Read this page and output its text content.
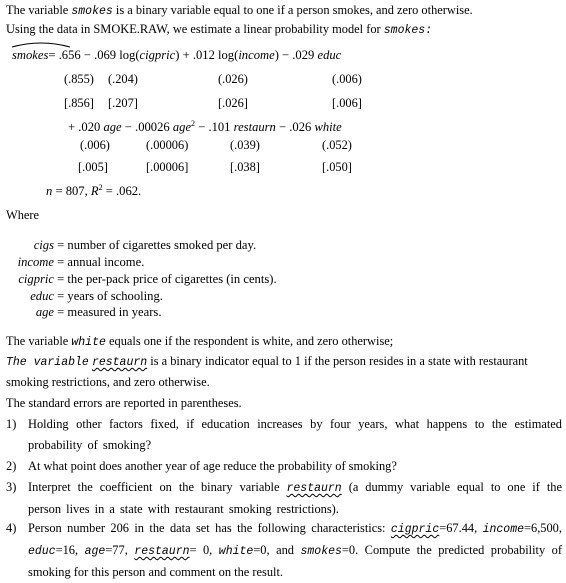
The variable smokes is a binary variable equal to one if a person smokes, and zero otherwise.
Using the data in SMOKE.RAW, we estimate a linear probability model for smokes:
smokes= .656 − .069 log(cigpric) + .012 log(income) − .029 educ
(.855) (.204)	(.026)	(.006)
[.856] [.207]	[.026]	[.006]
+ .020 age − .00026 age$^2$ − .101 restaurn − .026 white
(.006)	(.00006)	(.039)	(.052)
[.005]	[.00006]	[.038]	[.050]
n = 807, $R^2 = .062$.
Where
cigs = number of cigarettes smoked per day.
income = annual income.
cigpric = the per-pack price of cigarettes (in cents).
educ = years of schooling.
age = measured in years.
The variable white equals one if the respondent is white, and zero otherwise;
The variable restaurn is a binary indicator equal to 1 if the person resides in a state with restaurant
smoking restrictions, and zero otherwise.
The standard errors are reported in parentheses.
1) Holding other factors fixed, if education increases by four years, what happens to the estimated probability of smoking?
2) At what point does another year of age reduce the probability of smoking?
3) Interpret the coefficient on the binary variable restaurn (a dummy variable equal to one if the person lives in a state with restaurant smoking restrictions).
4) Person number 206 in the data set has the following characteristics: cigpric=67.44, income=6,500, educ=16, age=77, restaurn= 0, white=0, and smokes=0. Compute the predicted probability of smoking for this person and comment on the result.
